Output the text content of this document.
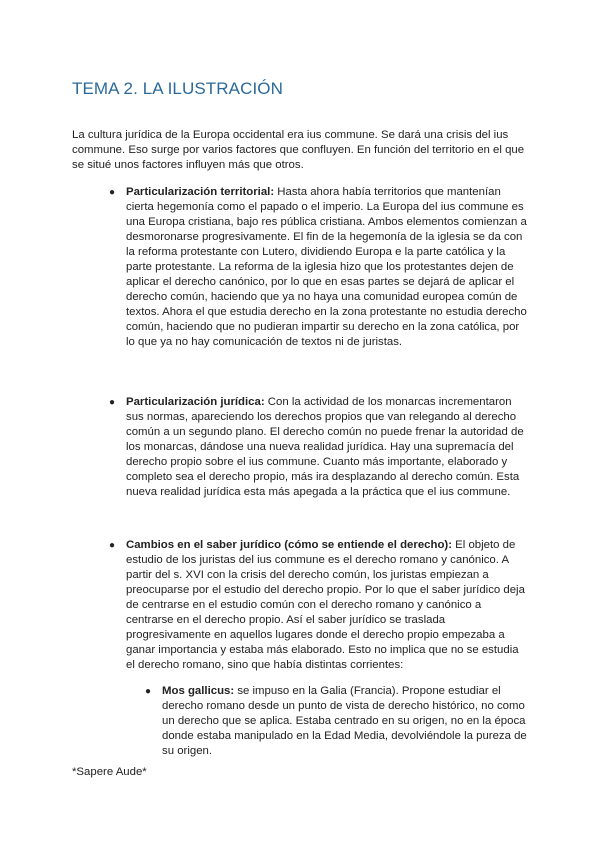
TEMA 2. LA ILUSTRACIÓN

La cultura jurídica de la Europa occidental era ius commune. Se dará una crisis del ius commune. Eso surge por varios factores que confluyen. En función del territorio en el que se situé unos factores influyen más que otros.

● Particularización territorial: Hasta ahora había territorios que mantenían cierta hegemonía como el papado o el imperio. La Europa del ius commune es una Europa cristiana, bajo res pública cristiana. Ambos elementos comienzan a desmoronarse progresivamente. El fin de la hegemonía de la iglesia se da con la reforma protestante con Lutero, dividiendo Europa e la parte católica y la parte protestante. La reforma de la iglesia hizo que los protestantes dejen de aplicar el derecho canónico, por lo que en esas partes se dejará de aplicar el derecho común, haciendo que ya no haya una comunidad europea común de textos. Ahora el que estudia derecho en la zona protestante no estudia derecho común, haciendo que no pudieran impartir su derecho en la zona católica, por lo que ya no hay comunicación de textos ni de juristas.
● Particularización jurídica: Con la actividad de los monarcas incrementaron sus normas, apareciendo los derechos propios que van relegando al derecho común a un segundo plano. El derecho común no puede frenar la autoridad de los monarcas, dándose una nueva realidad jurídica. Hay una supremacía del derecho propio sobre el ius commune. Cuanto más importante, elaborado y completo sea el derecho propio, más ira desplazando al derecho común. Esta nueva realidad jurídica esta más apegada a la práctica que el ius commune.
● Cambios en el saber jurídico (cómo se entiende el derecho): El objeto de estudio de los juristas del ius commune es el derecho romano y canónico. A partir del s. XVI con la crisis del derecho común, los juristas empiezan a preocuparse por el estudio del derecho propio. Por lo que el saber jurídico deja de centrarse en el estudio común con el derecho romano y canónico a centrarse en el derecho propio. Así el saber jurídico se traslada progresivamente en aquellos lugares donde el derecho propio empezaba a ganar importancia y estaba más elaborado. Esto no implica que no se estudia el derecho romano, sino que había distintas corrientes:
● Mos gallicus: se impuso en la Galia (Francia). Propone estudiar el derecho romano desde un punto de vista de derecho histórico, no como un derecho que se aplica. Estaba centrado en su origen, no en la época donde estaba manipulado en la Edad Media, devolviéndole la pureza de su origen.

*Sapere Aude*
